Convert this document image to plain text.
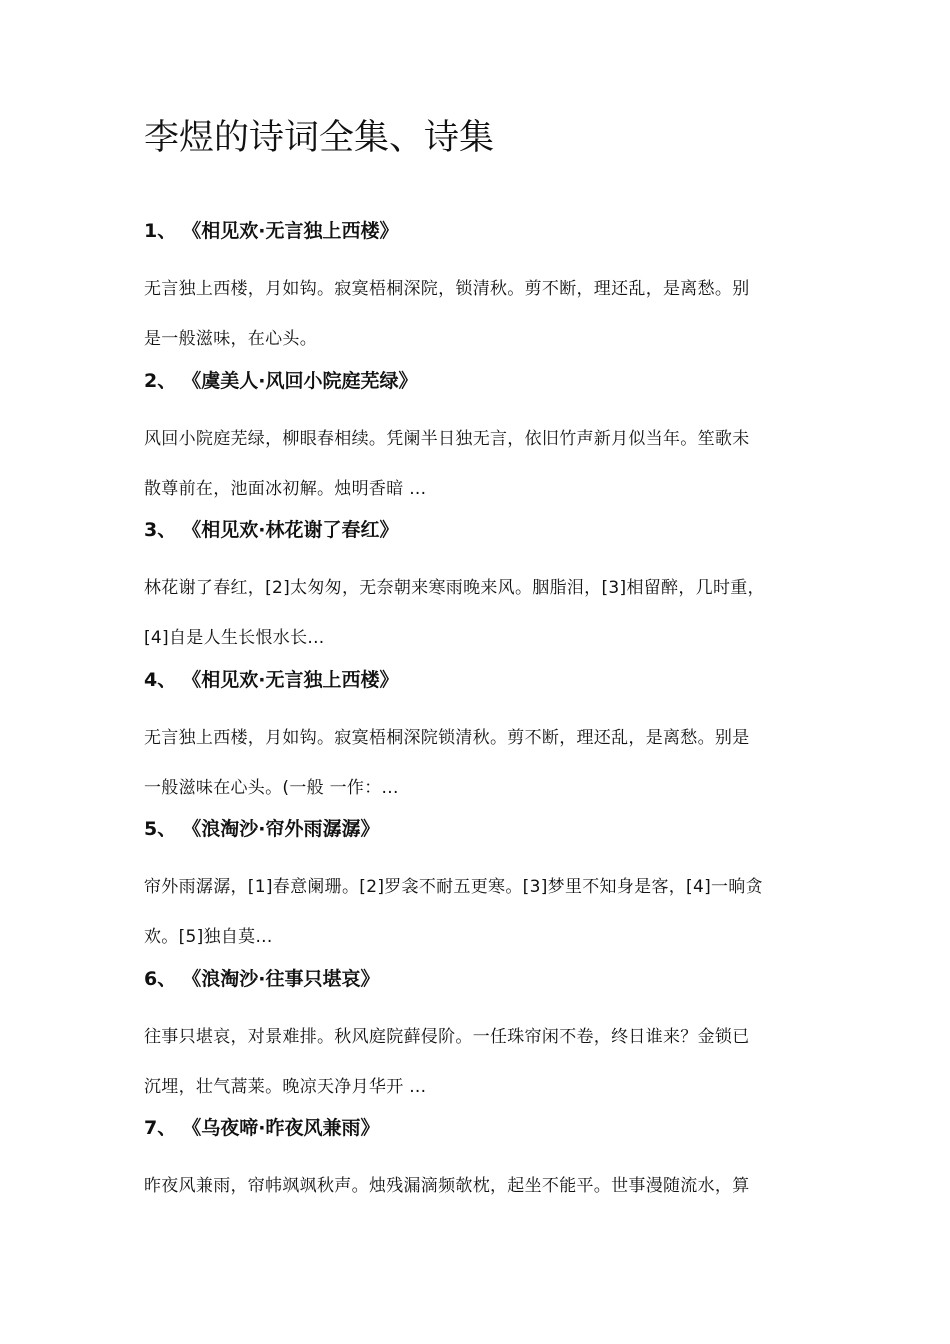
李煜的诗词全集、诗集
1、 《相见欢·无言独上西楼》
无言独上西楼，月如钩。寂寞梧桐深院，锁清秋。剪不断，理还乱，是离愁。别
是一般滋味，在心头。
2、 《虞美人·风回小院庭芜绿》
风回小院庭芜绿，柳眼春相续。凭阑半日独无言，依旧竹声新月似当年。笙歌未
散尊前在，池面冰初解。烛明香暗 ...
3、 《相见欢·林花谢了春红》
林花谢了春红，[2]太匆匆，无奈朝来寒雨晚来风。胭脂泪，[3]相留醉，几时重，
[4]自是人生长恨水长...
4、 《相见欢·无言独上西楼》
无言独上西楼，月如钩。寂寞梧桐深院锁清秋。剪不断，理还乱，是离愁。别是
一般滋味在心头。(一般 一作：...
5、 《浪淘沙·帘外雨潺潺》
帘外雨潺潺，[1]春意阑珊。[2]罗衾不耐五更寒。[3]梦里不知身是客，[4]一晌贪
欢。[5]独自莫...
6、 《浪淘沙·往事只堪哀》
往事只堪哀，对景难排。秋风庭院藓侵阶。一任珠帘闲不卷，终日谁来？金锁已
沉埋，壮气蒿莱。晚凉天净月华开 ...
7、 《乌夜啼·昨夜风兼雨》
昨夜风兼雨，帘帏飒飒秋声。烛残漏滴频欹枕，起坐不能平。世事漫随流水，算
